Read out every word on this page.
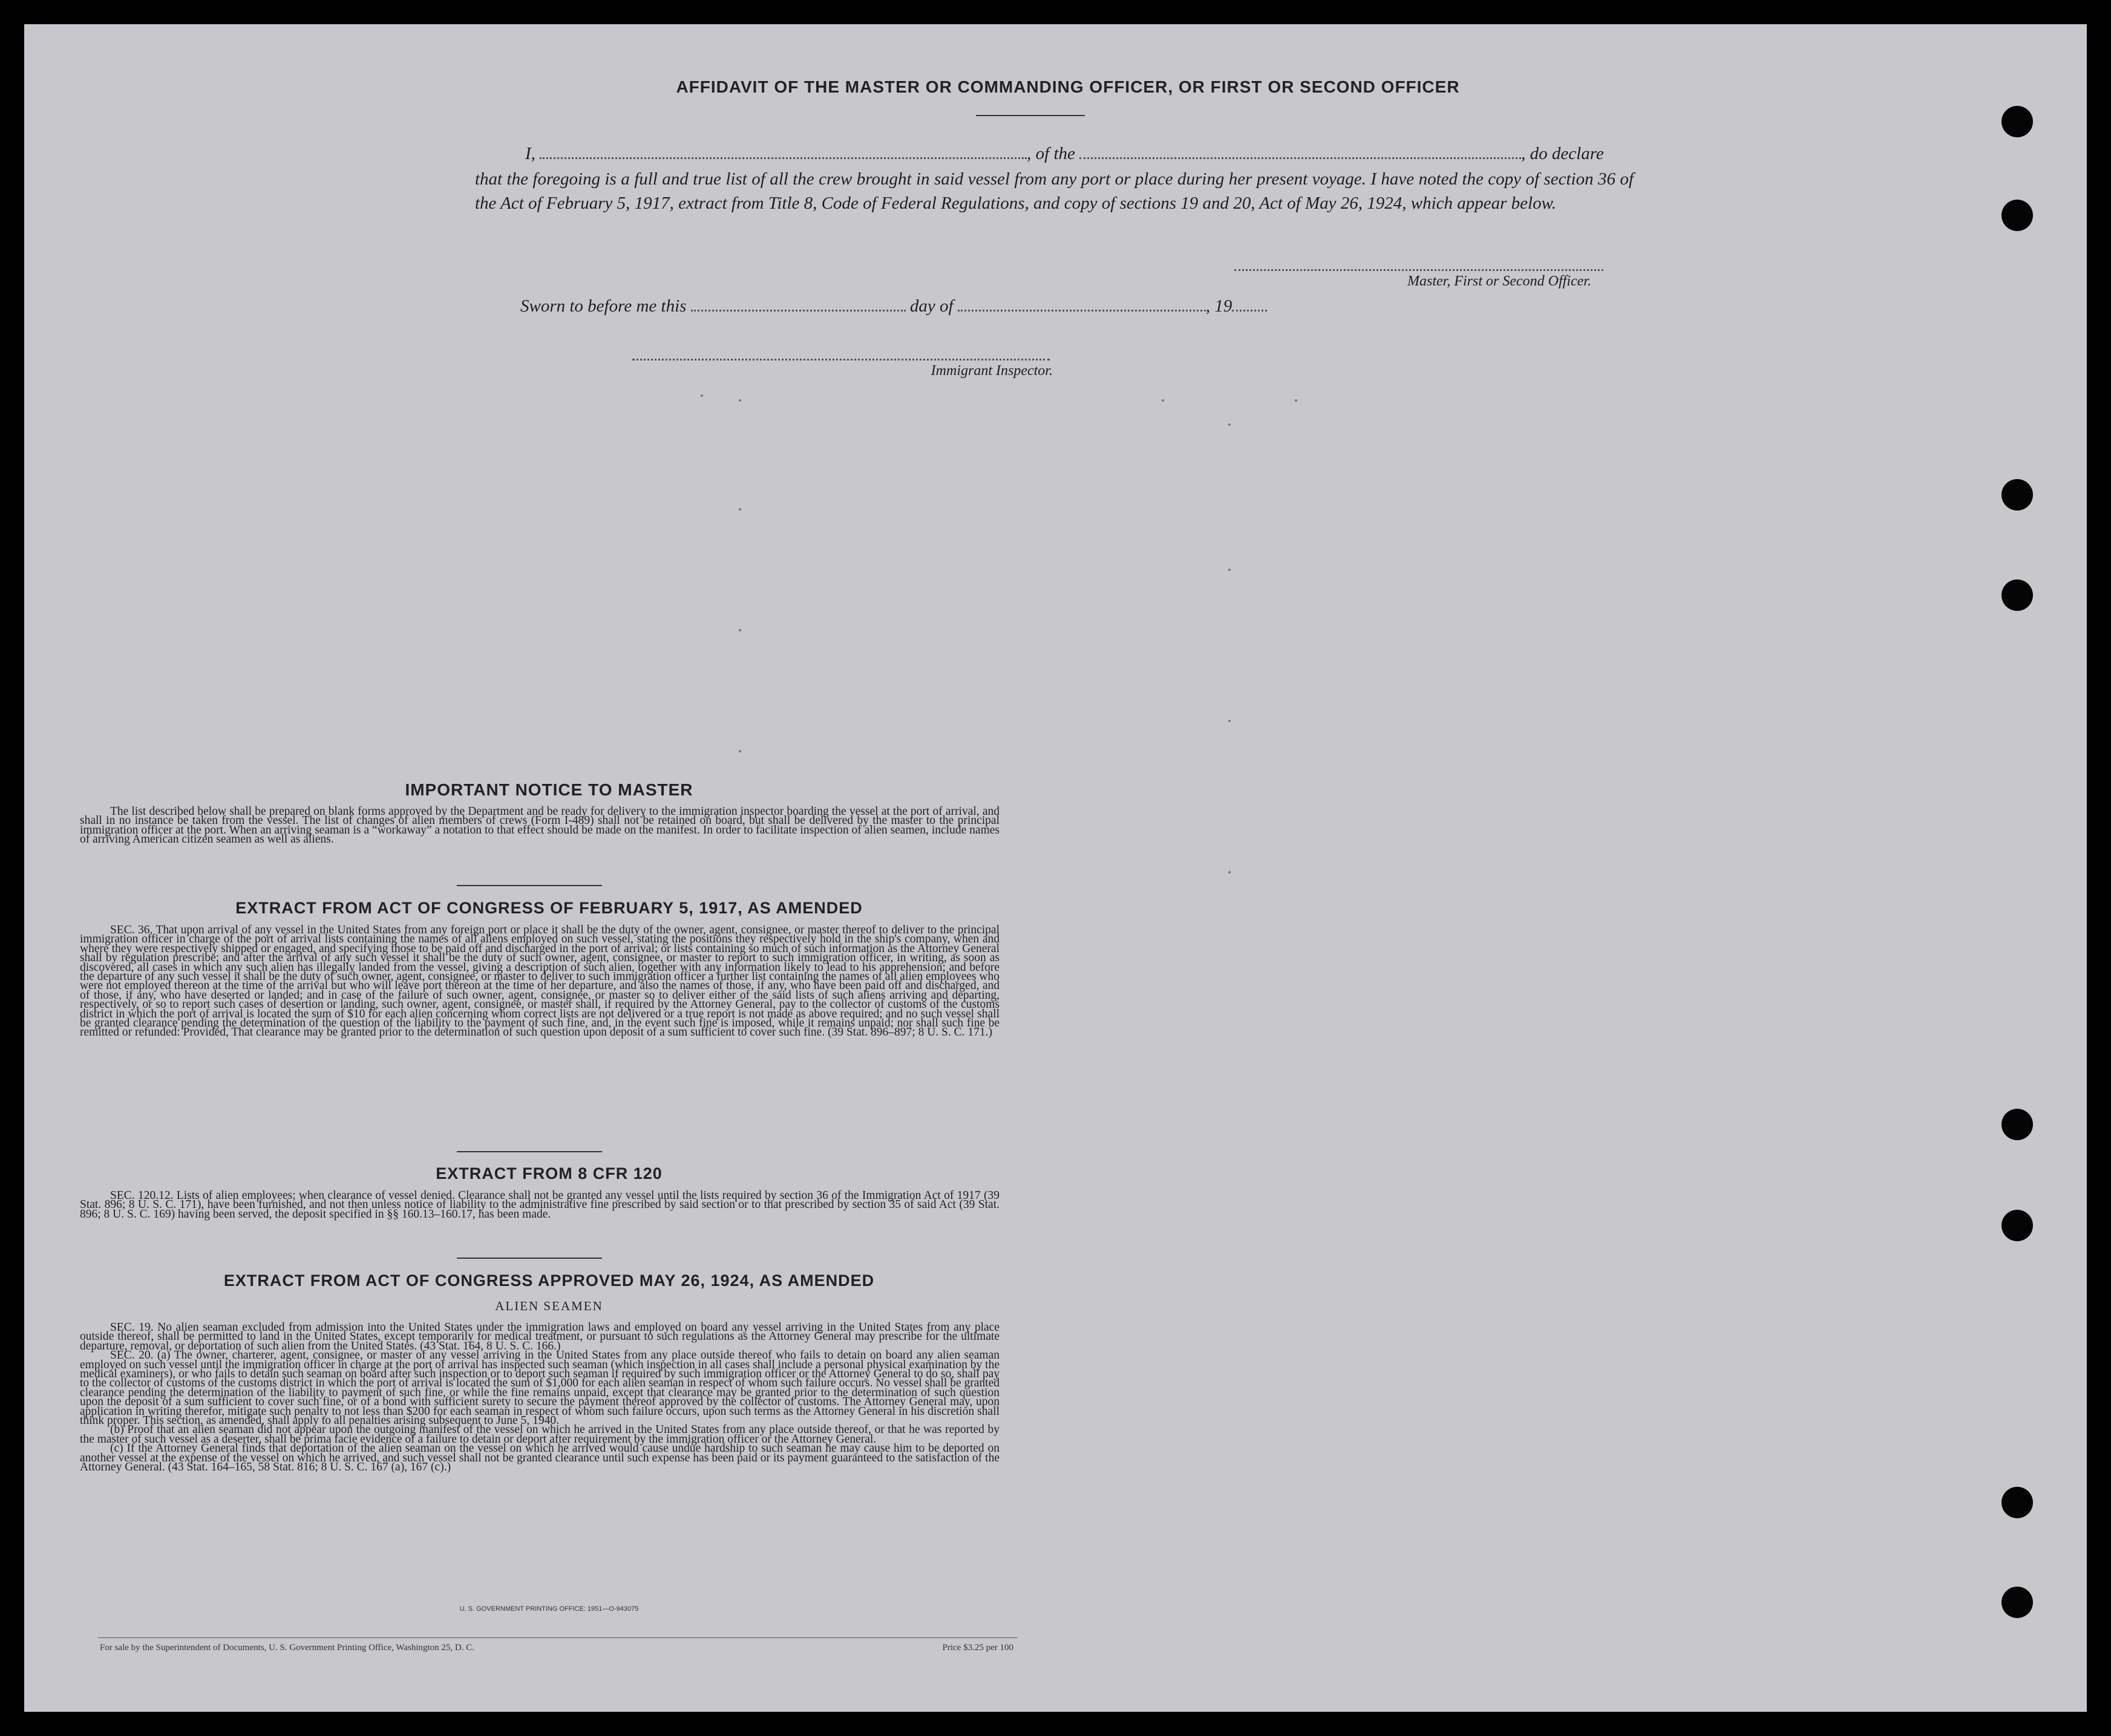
AFFIDAVIT OF THE MASTER OR COMMANDING OFFICER, OR FIRST OR SECOND OFFICER
I,	, of the	, do declare
that the foregoing is a full and true list of all the crew brought in said vessel from any port or place during her present voyage. I have noted the copy of section 36 of the Act of February 5, 1917, extract from Title 8, Code of Federal Regulations, and copy of sections 19 and 20, Act of May 26, 1924, which appear below.
Master, First or Second Officer.
Sworn to before me this	day of	, 19
Immigrant Inspector.
IMPORTANT NOTICE TO MASTER

The list described below shall be prepared on blank forms approved by the Department and be ready for delivery to the immigration inspector boarding the vessel at the port of arrival, and shall in no instance be taken from the vessel. The list of changes of alien members of crews (Form I-489) shall not be retained on board, but shall be delivered by the master to the principal immigration officer at the port. When an arriving seaman is a “workaway” a notation to that effect should be made on the manifest. In order to facilitate inspection of alien seamen, include names of arriving American citizen seamen as well as aliens.

EXTRACT FROM ACT OF CONGRESS OF FEBRUARY 5, 1917, AS AMENDED

SEC. 36. That upon arrival of any vessel in the United States from any foreign port or place it shall be the duty of the owner, agent, consignee, or master thereof to deliver to the principal immigration officer in charge of the port of arrival lists containing the names of all aliens employed on such vessel, stating the positions they respectively hold in the ship's company, when and where they were respectively shipped or engaged, and specifying those to be paid off and discharged in the port of arrival; or lists containing so much of such information as the Attorney General shall by regulation prescribe; and after the arrival of any such vessel it shall be the duty of such owner, agent, consignee, or master to report to such immigration officer, in writing, as soon as discovered, all cases in which any such alien has illegally landed from the vessel, giving a description of such alien, together with any information likely to lead to his apprehension; and before the departure of any such vessel it shall be the duty of such owner, agent, consignee, or master to deliver to such immigration officer a further list containing the names of all alien employees who were not employed thereon at the time of the arrival but who will leave port thereon at the time of her departure, and also the names of those, if any, who have been paid off and discharged, and of those, if any, who have deserted or landed; and in case of the failure of such owner, agent, consignee, or master so to deliver either of the said lists of such aliens arriving and departing, respectively, or so to report such cases of desertion or landing, such owner, agent, consignee, or master shall, if required by the Attorney General, pay to the collector of customs of the customs district in which the port of arrival is located the sum of $10 for each alien concerning whom correct lists are not delivered or a true report is not made as above required; and no such vessel shall be granted clearance pending the determination of the question of the liability to the payment of such fine, and, in the event such fine is imposed, while it remains unpaid; nor shall such fine be remitted or refunded: Provided, That clearance may be granted prior to the determination of such question upon deposit of a sum sufficient to cover such fine. (39 Stat. 896–897; 8 U. S. C. 171.)

EXTRACT FROM 8 CFR 120

SEC. 120.12. Lists of alien employees; when clearance of vessel denied. Clearance shall not be granted any vessel until the lists required by section 36 of the Immigration Act of 1917 (39 Stat. 896; 8 U. S. C. 171), have been furnished, and not then unless notice of liability to the administrative fine prescribed by said section or to that prescribed by section 35 of said Act (39 Stat. 896; 8 U. S. C. 169) having been served, the deposit specified in §§ 160.13–160.17, has been made.

EXTRACT FROM ACT OF CONGRESS APPROVED MAY 26, 1924, AS AMENDED
ALIEN SEAMEN

SEC. 19. No alien seaman excluded from admission into the United States under the immigration laws and employed on board any vessel arriving in the United States from any place outside thereof, shall be permitted to land in the United States, except temporarily for medical treatment, or pursuant to such regulations as the Attorney General may prescribe for the ultimate departure, removal, or deportation of such alien from the United States. (43 Stat. 164, 8 U. S. C. 166.)

SEC. 20. (a) The owner, charterer, agent, consignee, or master of any vessel arriving in the United States from any place outside thereof who fails to detain on board any alien seaman employed on such vessel until the immigration officer in charge at the port of arrival has inspected such seaman (which inspection in all cases shall include a personal physical examination by the medical examiners), or who fails to detain such seaman on board after such inspection or to deport such seaman if required by such immigration officer or the Attorney General to do so, shall pay to the collector of customs of the customs district in which the port of arrival is located the sum of $1,000 for each alien seaman in respect of whom such failure occurs. No vessel shall be granted clearance pending the determination of the liability to payment of such fine, or while the fine remains unpaid, except that clearance may be granted prior to the determination of such question upon the deposit of a sum sufficient to cover such fine, or of a bond with sufficient surety to secure the payment thereof approved by the collector of customs. The Attorney General may, upon application in writing therefor, mitigate such penalty to not less than $200 for each seaman in respect of whom such failure occurs, upon such terms as the Attorney General in his discretion shall think proper. This section, as amended, shall apply to all penalties arising subsequent to June 5, 1940.

(b) Proof that an alien seaman did not appear upon the outgoing manifest of the vessel on which he arrived in the United States from any place outside thereof, or that he was reported by the master of such vessel as a deserter, shall be prima facie evidence of a failure to detain or deport after requirement by the immigration officer or the Attorney General.

(c) If the Attorney General finds that deportation of the alien seaman on the vessel on which he arrived would cause undue hardship to such seaman he may cause him to be deported on another vessel at the expense of the vessel on which he arrived, and such vessel shall not be granted clearance until such expense has been paid or its payment guaranteed to the satisfaction of the Attorney General. (43 Stat. 164–165, 58 Stat. 816; 8 U. S. C. 167 (a), 167 (c).)

U. S. GOVERNMENT PRINTING OFFICE: 1951—O-943075
For sale by the Superintendent of Documents, U. S. Government Printing Office, Washington 25, D. C.	Price $3.25 per 100
